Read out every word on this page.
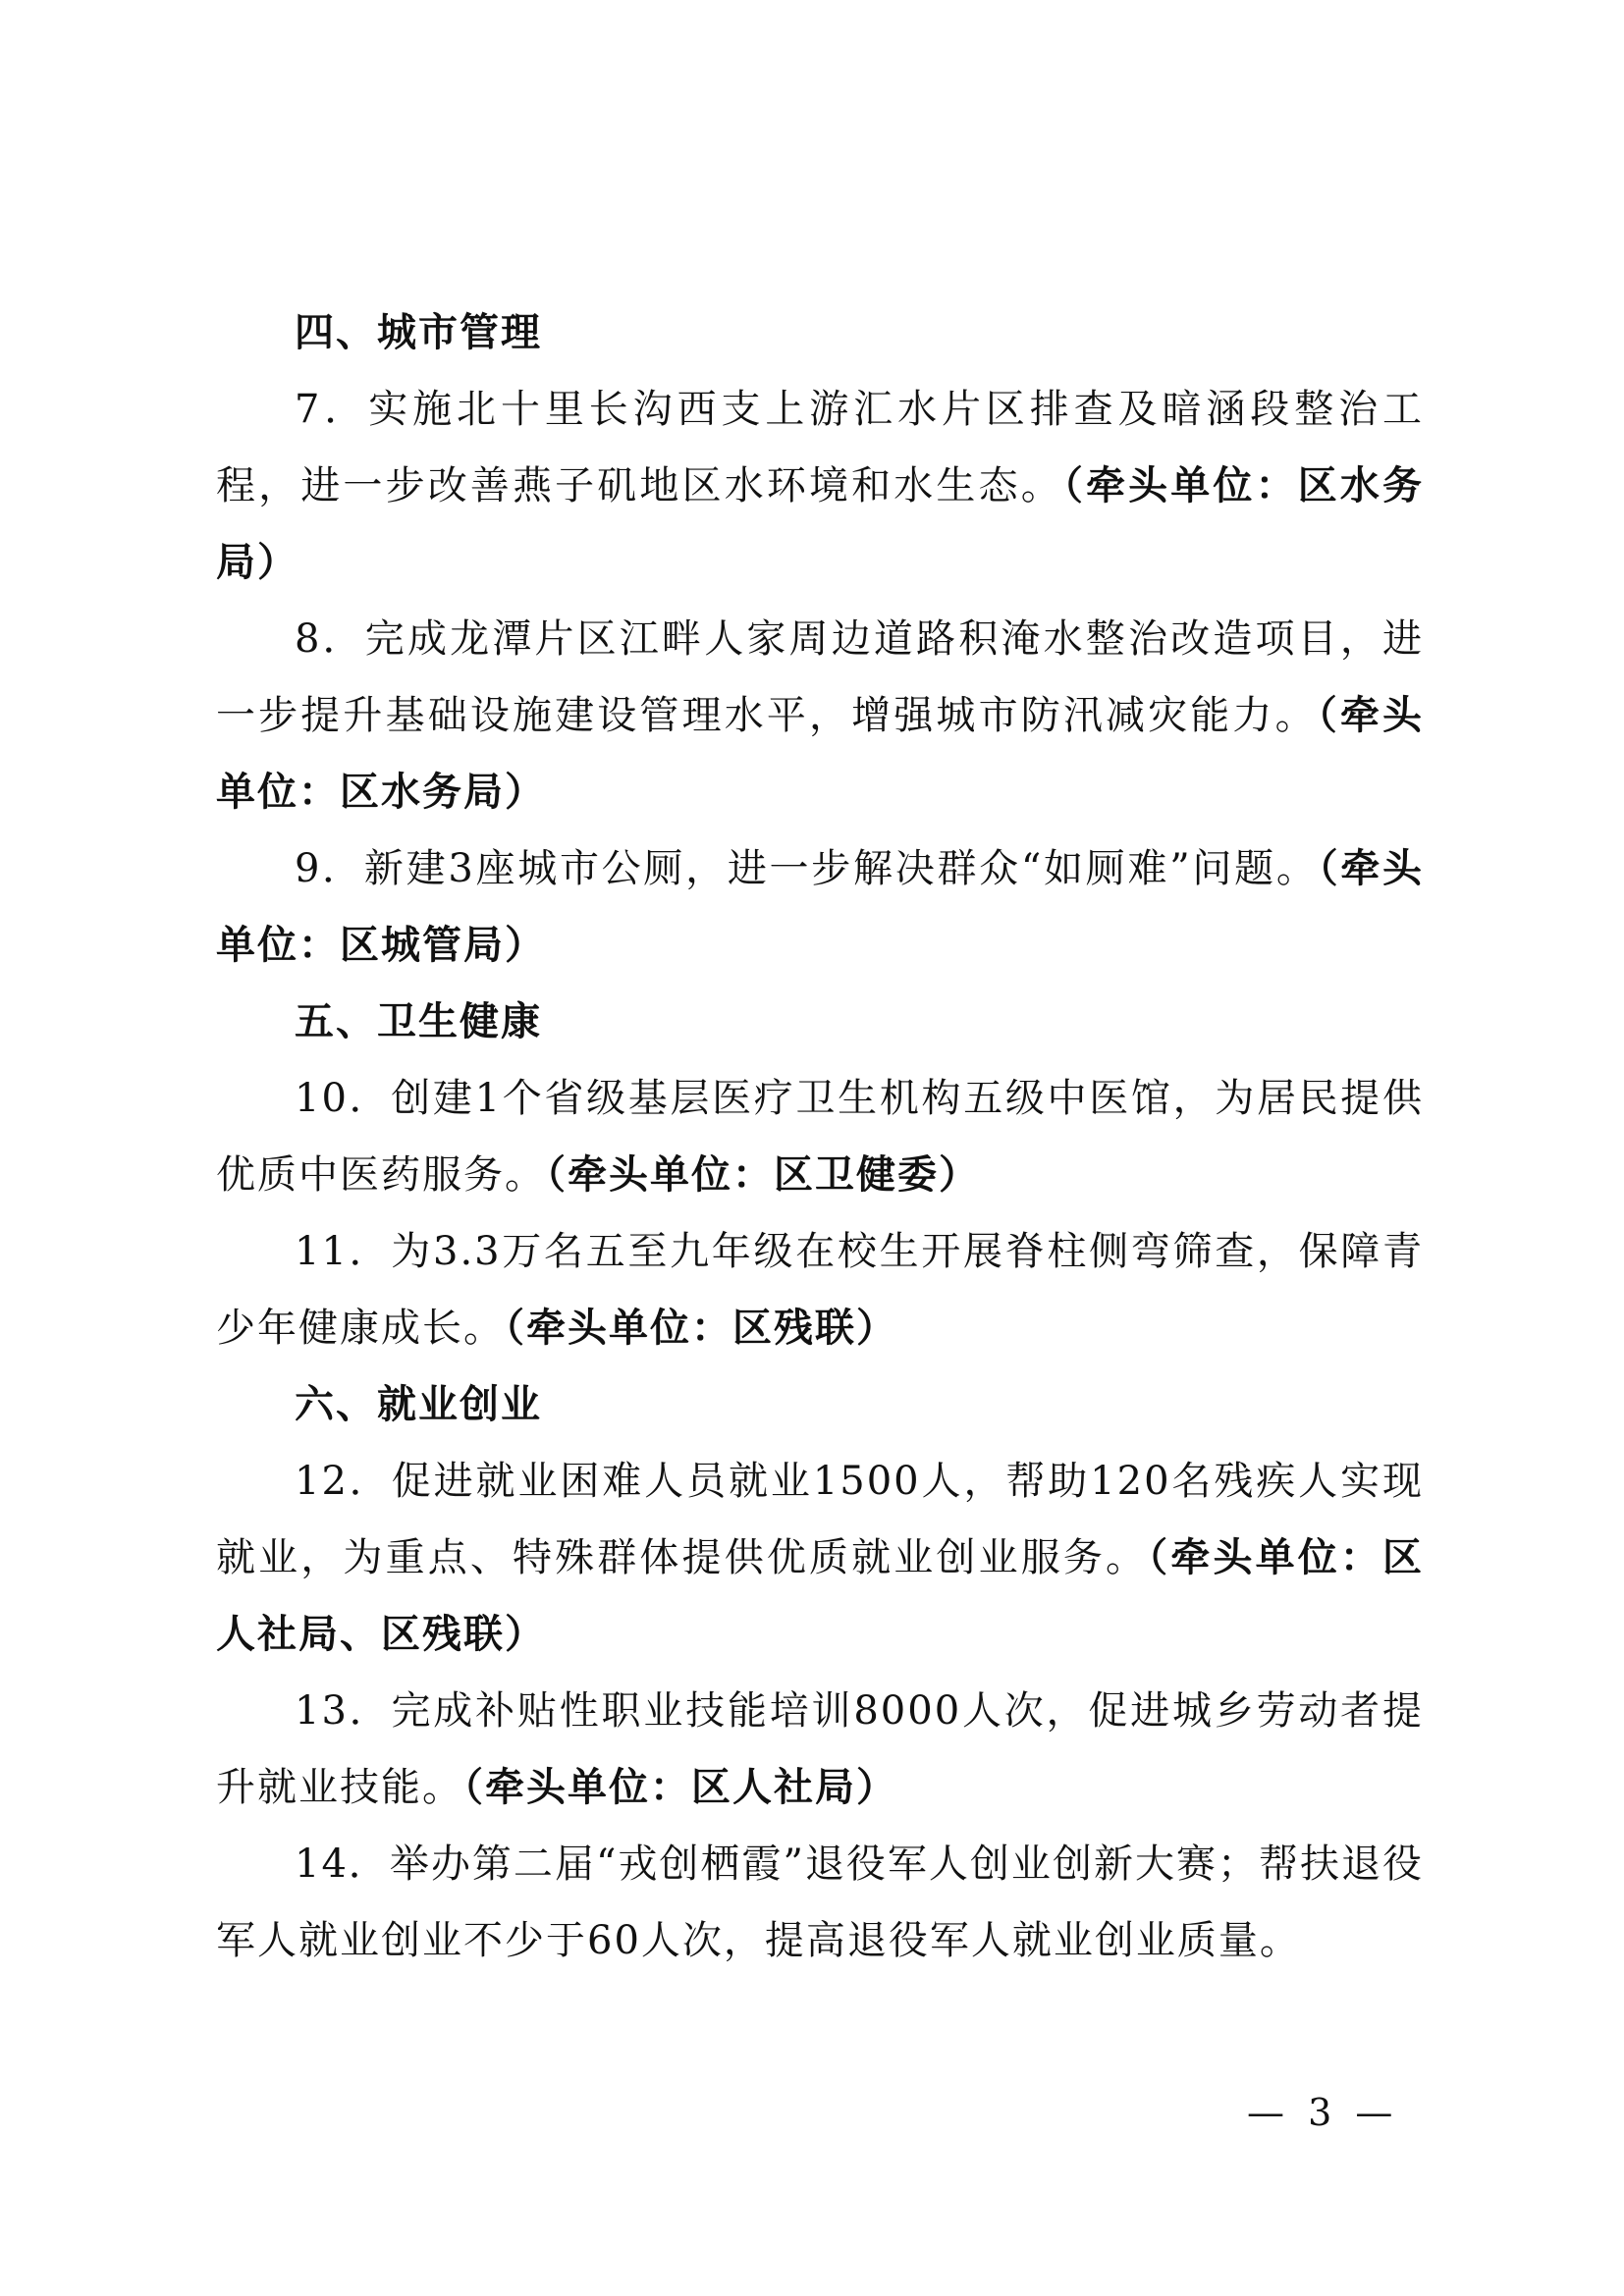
四、城市管理

7．实施北十里长沟西支上游汇水片区排查及暗涵段整治工程，进一步改善燕子矶地区水环境和水生态。（牵头单位：区水务局）

8．完成龙潭片区江畔人家周边道路积淹水整治改造项目，进一步提升基础设施建设管理水平，增强城市防汛减灾能力。（牵头单位：区水务局）

9．新建3座城市公厕，进一步解决群众“如厕难”问题。（牵头单位：区城管局）

五、卫生健康

10．创建1个省级基层医疗卫生机构五级中医馆，为居民提供优质中医药服务。（牵头单位：区卫健委）

11．为3.3万名五至九年级在校生开展脊柱侧弯筛查，保障青少年健康成长。（牵头单位：区残联）

六、就业创业

12．促进就业困难人员就业1500人，帮助120名残疾人实现就业，为重点、特殊群体提供优质就业创业服务。（牵头单位：区人社局、区残联）

13．完成补贴性职业技能培训8000人次，促进城乡劳动者提升就业技能。（牵头单位：区人社局）

14．举办第二届“戎创栖霞”退役军人创业创新大赛；帮扶退役军人就业创业不少于60人次，提高退役军人就业创业质量。

— 3 —
